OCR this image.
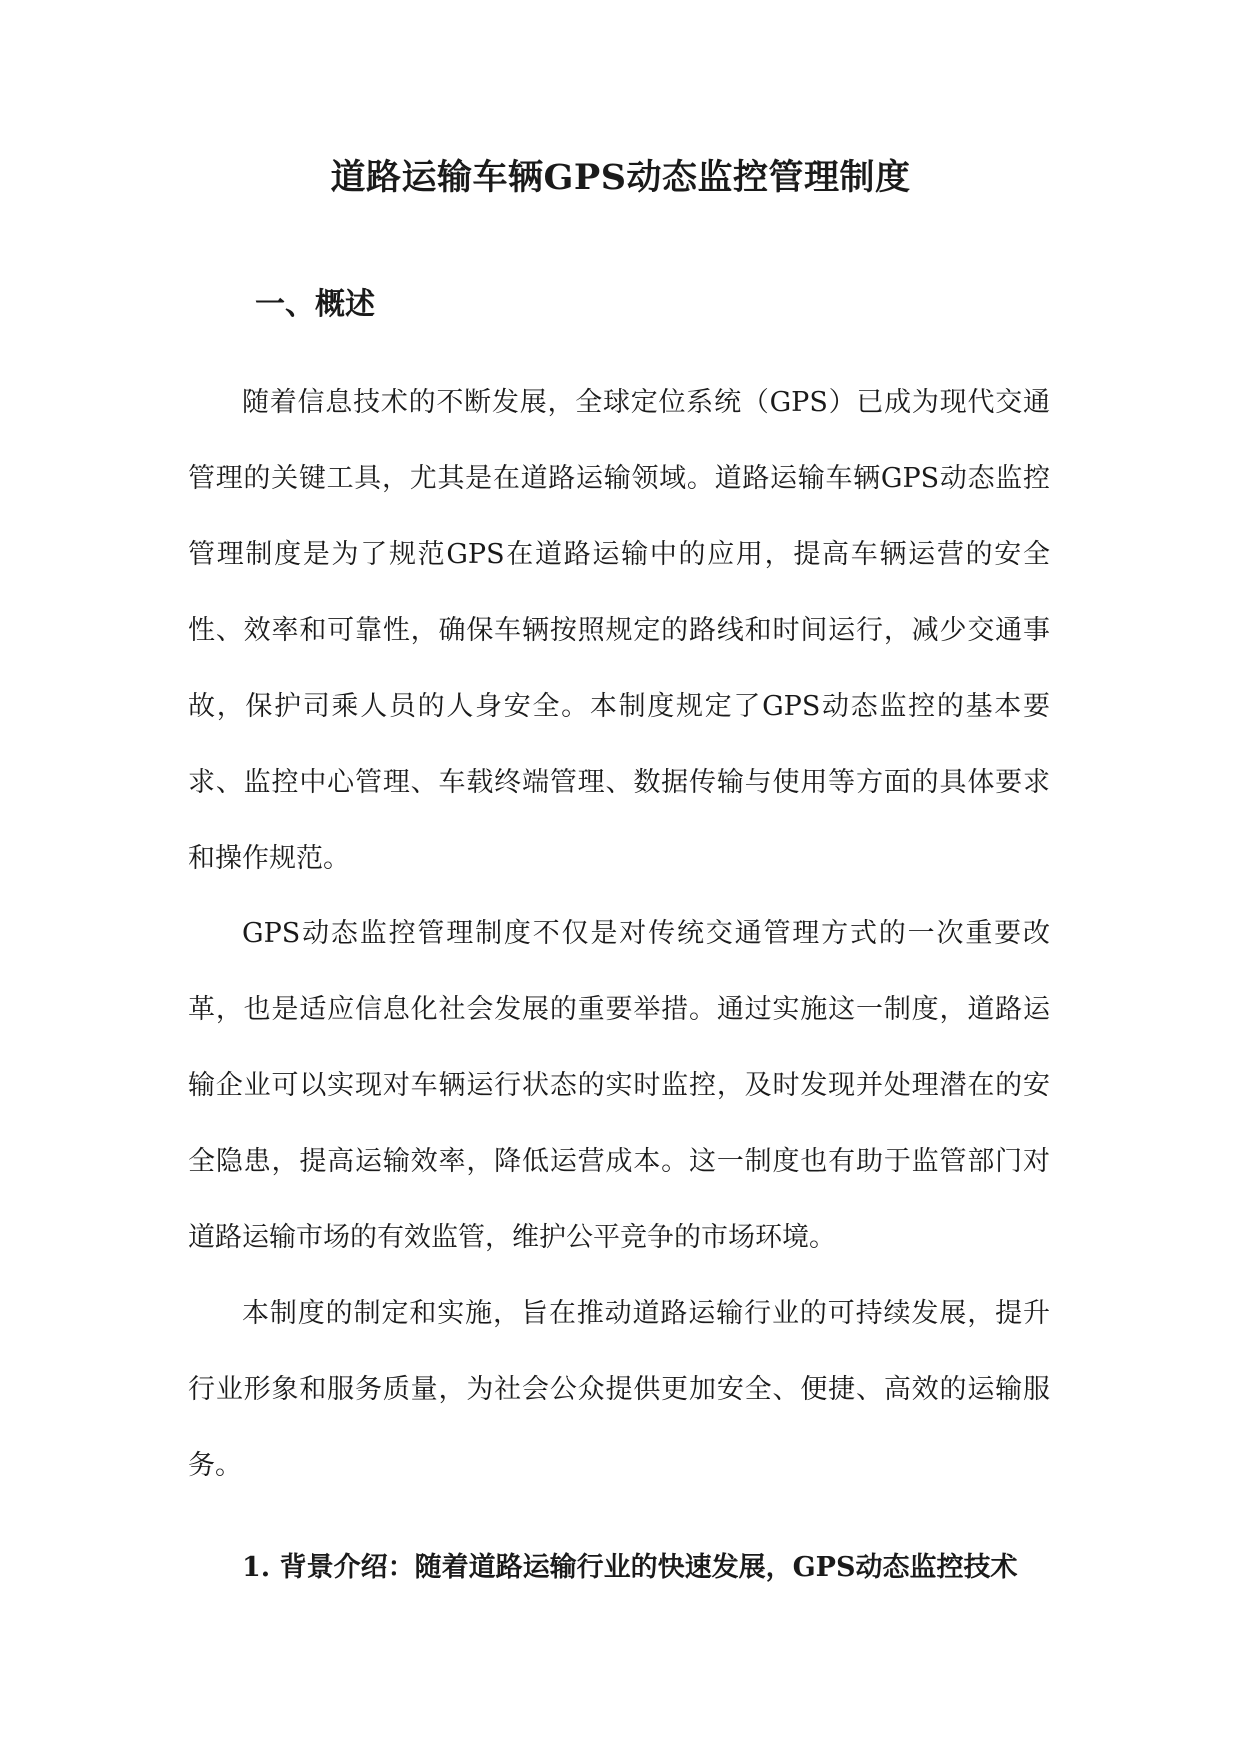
道路运输车辆GPS动态监控管理制度
一、概述

随着信息技术的不断发展，全球定位系统（GPS）已成为现代交通管理的关键工具，尤其是在道路运输领域。道路运输车辆GPS动态监控管理制度是为了规范GPS在道路运输中的应用，提高车辆运营的安全性、效率和可靠性，确保车辆按照规定的路线和时间运行，减少交通事故，保护司乘人员的人身安全。本制度规定了GPS动态监控的基本要求、监控中心管理、车载终端管理、数据传输与使用等方面的具体要求和操作规范。

GPS动态监控管理制度不仅是对传统交通管理方式的一次重要改革，也是适应信息化社会发展的重要举措。通过实施这一制度，道路运输企业可以实现对车辆运行状态的实时监控，及时发现并处理潜在的安全隐患，提高运输效率，降低运营成本。这一制度也有助于监管部门对道路运输市场的有效监管，维护公平竞争的市场环境。

本制度的制定和实施，旨在推动道路运输行业的可持续发展，提升行业形象和服务质量，为社会公众提供更加安全、便捷、高效的运输服务。

1. 背景介绍：随着道路运输行业的快速发展，GPS动态监控技术
